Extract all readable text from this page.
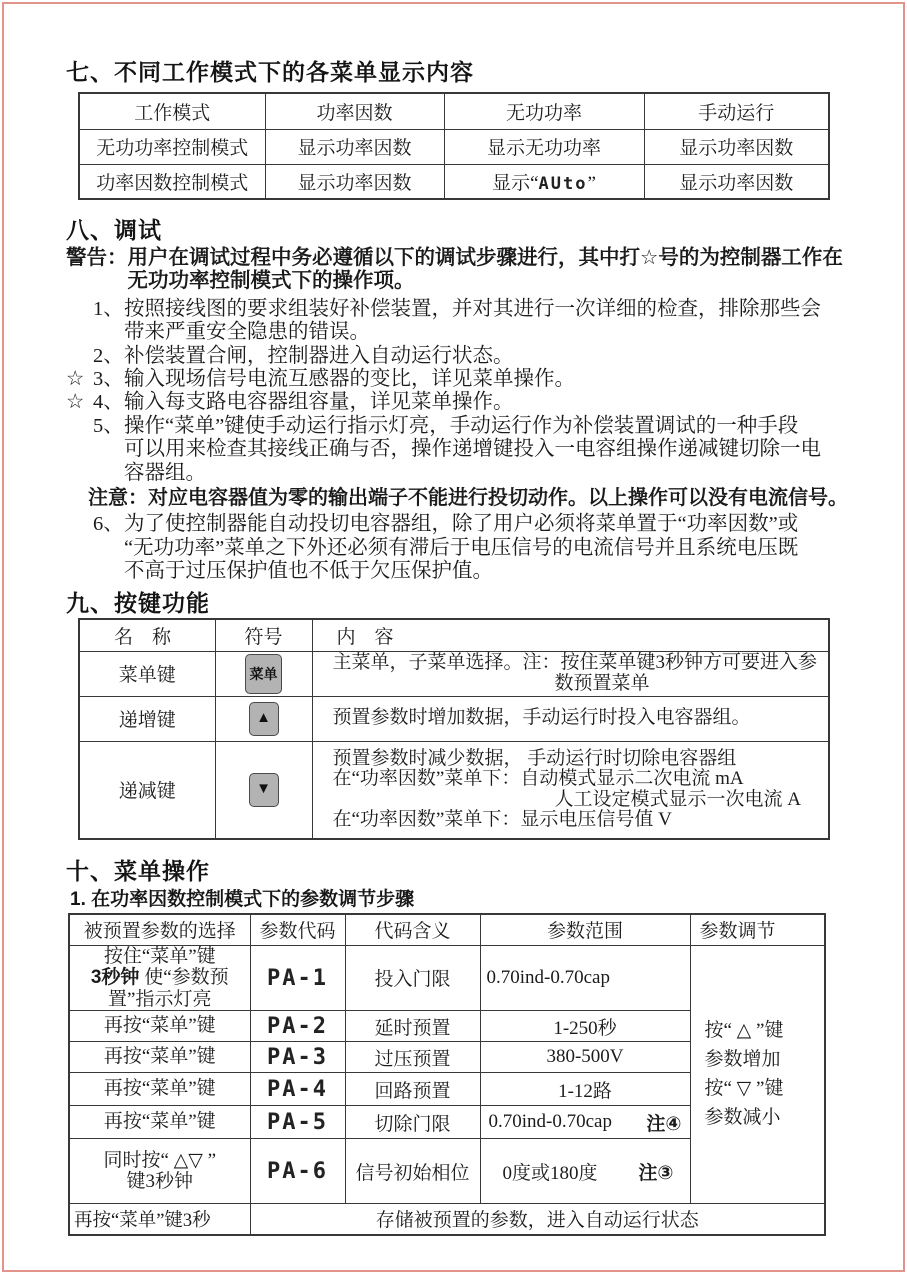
七、不同工作模式下的各菜单显示内容
工作模式	功率因数	无功功率	手动运行
无功功率控制模式	显示功率因数	显示无功功率	显示功率因数
功率因数控制模式	显示功率因数	显示“AUto”	显示功率因数
八、调试
警告： 用户在调试过程中务必遵循以下的调试步骤进行，其中打☆号的为控制器工作在
无功功率控制模式下的操作项。
1、 按照接线图的要求组装好补偿装置，并对其进行一次详细的检查，排除那些会
带来严重安全隐患的错误。
2、 补偿装置合闸，控制器进入自动运行状态。
☆ 3、 输入现场信号电流互感器的变比，详见菜单操作。
☆ 4、 输入每支路电容器组容量，详见菜单操作。
5、 操作“菜单”键使手动运行指示灯亮，手动运行作为补偿装置调试的一种手段
可以用来检查其接线正确与否，操作递增键投入一电容组操作递减键切除一电
容器组。
注意：对应电容器值为零的输出端子不能进行投切动作。以上操作可以没有电流信号。
6、 为了使控制器能自动投切电容器组，除了用户必须将菜单置于“功率因数”或
“无功功率”菜单之下外还必须有滞后于电压信号的电流信号并且系统电压既
不高于过压保护值也不低于欠压保护值。
九、按键功能
名　称	符号	内　容
菜单键	菜单	主菜单，子菜单选择。注：按住菜单键3秒钟方可要进入参
数预置菜单

递增键	▲	预置参数时增加数据，手动运行时投入电容器组。

递减键	▼	预置参数时减少数据， 手动运行时切除电容器组
在“功率因数”菜单下：自动模式显示二次电流 mA
人工设定模式显示一次电流 A
在“功率因数”菜单下：显示电压信号值 V
十、菜单操作
1. 在功率因数控制模式下的参数调节步骤
被预置参数的选择	参数代码	代码含义	参数范围	参数调节

按住“菜单”键
3秒钟 使“参数预
置”指示灯亮
	PA-1	投入门限	0.70ind-0.70cap	
按“ △ ”键
参数增加
按“ ▽ ”键
参数减小

再按“菜单”键	PA-2	延时预置	1-250秒	
再按“菜单”键	PA-3	过压预置	380-500V	
再按“菜单”键	PA-4	回路预置	1-12路	
再按“菜单”键	PA-5	切除门限	0.70ind-0.70cap 注④	

同时按“ △▽ ”
键3秒钟	PA-6	信号初始相位	0度或180度 注③

再按“菜单”键3秒	存储被预置的参数，进入自动运行状态			
